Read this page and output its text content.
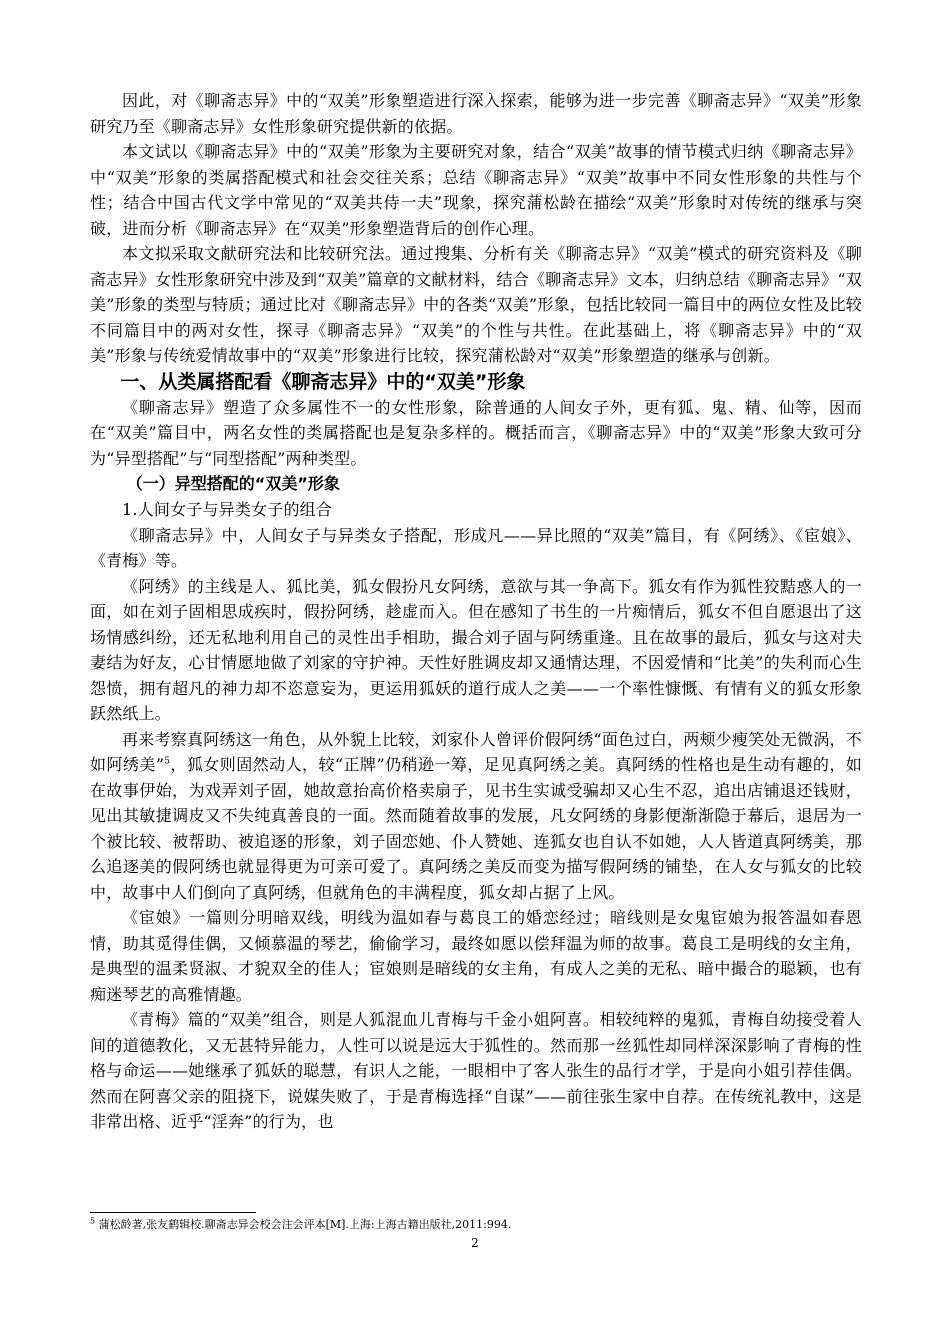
因此，对《聊斋志异》中的“双美”形象塑造进行深入探索，能够为进一步完善《聊斋志异》“双美”形象研究乃至《聊斋志异》女性形象研究提供新的依据。

本文试以《聊斋志异》中的“双美”形象为主要研究对象，结合“双美”故事的情节模式归纳《聊斋志异》中“双美”形象的类属搭配模式和社会交往关系；总结《聊斋志异》“双美”故事中不同女性形象的共性与个性；结合中国古代文学中常见的“双美共侍一夫”现象，探究蒲松龄在描绘“双美”形象时对传统的继承与突破，进而分析《聊斋志异》在“双美”形象塑造背后的创作心理。

本文拟采取文献研究法和比较研究法。通过搜集、分析有关《聊斋志异》“双美”模式的研究资料及《聊斋志异》女性形象研究中涉及到“双美”篇章的文献材料，结合《聊斋志异》文本，归纳总结《聊斋志异》“双美”形象的类型与特质；通过比对《聊斋志异》中的各类“双美”形象，包括比较同一篇目中的两位女性及比较不同篇目中的两对女性，探寻《聊斋志异》“双美”的个性与共性。在此基础上，将《聊斋志异》中的“双美”形象与传统爱情故事中的“双美”形象进行比较，探究蒲松龄对“双美”形象塑造的继承与创新。

一、从类属搭配看《聊斋志异》中的“双美”形象

《聊斋志异》塑造了众多属性不一的女性形象，除普通的人间女子外，更有狐、鬼、精、仙等，因而在“双美”篇目中，两名女性的类属搭配也是复杂多样的。概括而言，《聊斋志异》中的“双美”形象大致可分为“异型搭配”与“同型搭配”两种类型。

（一）异型搭配的“双美”形象

1.人间女子与异类女子的组合

《聊斋志异》中，人间女子与异类女子搭配，形成凡——异比照的“双美”篇目，有《阿绣》、《宦娘》、《青梅》等。

《阿绣》的主线是人、狐比美，狐女假扮凡女阿绣，意欲与其一争高下。狐女有作为狐性狡黠惑人的一面，如在刘子固相思成疾时，假扮阿绣，趁虚而入。但在感知了书生的一片痴情后，狐女不但自愿退出了这场情感纠纷，还无私地利用自己的灵性出手相助，撮合刘子固与阿绣重逢。且在故事的最后，狐女与这对夫妻结为好友，心甘情愿地做了刘家的守护神。天性好胜调皮却又通情达理，不因爱情和“比美”的失利而心生怨愤，拥有超凡的神力却不恣意妄为，更运用狐妖的道行成人之美——一个率性慷慨、有情有义的狐女形象跃然纸上。

再来考察真阿绣这一角色，从外貌上比较，刘家仆人曾评价假阿绣“面色过白，两颊少瘦笑处无微涡，不如阿绣美”$^5$，狐女则固然动人，较“正牌”仍稍逊一筹，足见真阿绣之美。真阿绣的性格也是生动有趣的，如在故事伊始，为戏弄刘子固，她故意抬高价格卖扇子，见书生实诚受骗却又心生不忍，追出店铺退还钱财，见出其敏捷调皮又不失纯真善良的一面。然而随着故事的发展，凡女阿绣的身影便渐渐隐于幕后，退居为一个被比较、被帮助、被追逐的形象，刘子固恋她、仆人赞她、连狐女也自认不如她，人人皆道真阿绣美，那么追逐美的假阿绣也就显得更为可亲可爱了。真阿绣之美反而变为描写假阿绣的铺垫，在人女与狐女的比较中，故事中人们倒向了真阿绣，但就角色的丰满程度，狐女却占据了上风。

《宦娘》一篇则分明暗双线，明线为温如春与葛良工的婚恋经过；暗线则是女鬼宦娘为报答温如春恩情，助其觅得佳偶，又倾慕温的琴艺，偷偷学习，最终如愿以偿拜温为师的故事。葛良工是明线的女主角，是典型的温柔贤淑、才貌双全的佳人；宦娘则是暗线的女主角，有成人之美的无私、暗中撮合的聪颖，也有痴迷琴艺的高雅情趣。

《青梅》篇的“双美”组合，则是人狐混血儿青梅与千金小姐阿喜。相较纯粹的鬼狐，青梅自幼接受着人间的道德教化，又无甚特异能力，人性可以说是远大于狐性的。然而那一丝狐性却同样深深影响了青梅的性格与命运——她继承了狐妖的聪慧，有识人之能，一眼相中了客人张生的品行才学，于是向小姐引荐佳偶。然而在阿喜父亲的阻挠下，说媒失败了，于是青梅选择“自谋”——前往张生家中自荐。在传统礼教中，这是非常出格、近乎“淫奔”的行为，也

$^5$ 蒲松龄著,张友鹤辑校.聊斋志异会校会注会评本[M].上海:上海古籍出版社,2011:994.
2
